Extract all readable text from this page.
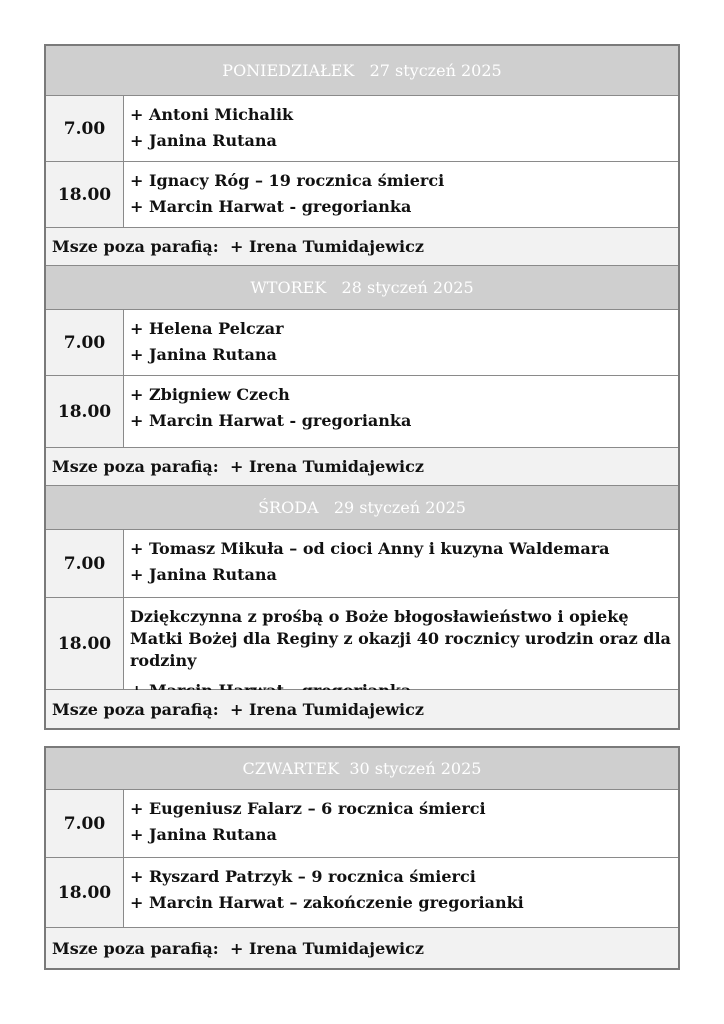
PONIEDZIAŁEK   27 styczeń 2025
7.00
+ Antoni Michalik
+ Janina Rutana
18.00
+ Ignacy Róg – 19 rocznica śmierci
+ Marcin Harwat - gregorianka
Msze poza parafią: + Irena Tumidajewicz
WTOREK   28 styczeń 2025
7.00
+ Helena Pelczar
+ Janina Rutana
18.00
+ Zbigniew Czech
+ Marcin Harwat - gregorianka
Msze poza parafią: + Irena Tumidajewicz
ŚRODA   29 styczeń 2025
7.00
+ Tomasz Mikuła – od cioci Anny i kuzyna Waldemara
+ Janina Rutana
18.00
Dziękczynna z prośbą o Boże błogosławieństwo i opiekę Matki Bożej dla Reginy z okazji 40 rocznicy urodzin oraz dla rodziny
Msze poza parafią: + Irena Tumidajewicz
CZWARTEK  30 styczeń 2025
7.00
+ Eugeniusz Falarz – 6 rocznica śmierci
+ Janina Rutana
18.00
+ Ryszard Patrzyk – 9 rocznica śmierci
+ Marcin Harwat – zakończenie gregorianki
Msze poza parafią: + Irena Tumidajewicz
